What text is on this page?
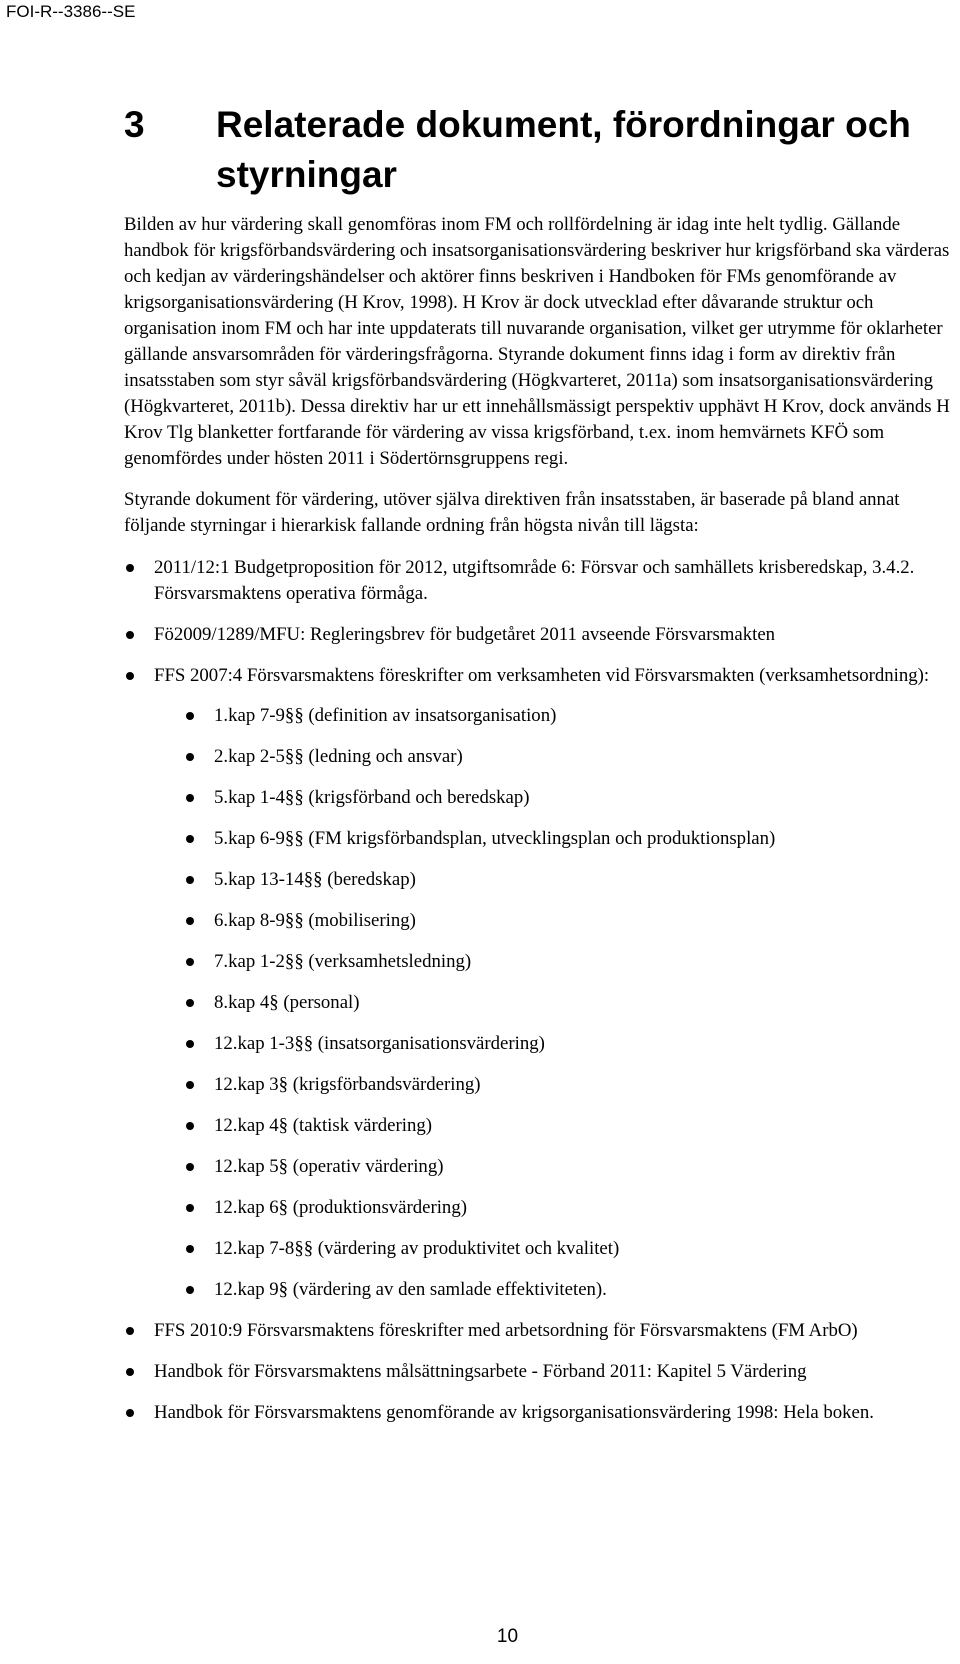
FOI-R--3386--SE
3 Relaterade dokument, förordningar och styrningar

Bilden av hur värdering skall genomföras inom FM och rollfördelning är idag inte helt tydlig. Gällande handbok för krigsförbandsvärdering och insatsorganisationsvärdering beskriver hur krigsförband ska värderas och kedjan av värderingshändelser och aktörer finns beskriven i Handboken för FMs genomförande av krigsorganisationsvärdering (H Krov, 1998). H Krov är dock utvecklad efter dåvarande struktur och organisation inom FM och har inte uppdaterats till nuvarande organisation, vilket ger utrymme för oklarheter gällande ansvarsområden för värderingsfrågorna. Styrande dokument finns idag i form av direktiv från insatsstaben som styr såväl krigsförbandsvärdering (Högkvarteret, 2011a) som insatsorganisationsvärdering (Högkvarteret, 2011b). Dessa direktiv har ur ett innehållsmässigt perspektiv upphävt H Krov, dock används H Krov Tlg blanketter fortfarande för värdering av vissa krigsförband, t.ex. inom hemvärnets KFÖ som genomfördes under hösten 2011 i Södertörnsgruppens regi.

Styrande dokument för värdering, utöver själva direktiven från insatsstaben, är baserade på bland annat följande styrningar i hierarkisk fallande ordning från högsta nivån till lägsta:

2011/12:1 Budgetproposition för 2012, utgiftsområde 6: Försvar och samhällets krisberedskap, 3.4.2. Försvarsmaktens operativa förmåga.
Fö2009/1289/MFU: Regleringsbrev för budgetåret 2011 avseende Försvarsmakten
FFS 2007:4 Försvarsmaktens föreskrifter om verksamheten vid Försvarsmakten (verksamhetsordning):
1.kap 7-9§§ (definition av insatsorganisation)
2.kap 2-5§§ (ledning och ansvar)
5.kap 1-4§§ (krigsförband och beredskap)
5.kap 6-9§§ (FM krigsförbandsplan, utvecklingsplan och produktionsplan)
5.kap 13-14§§ (beredskap)
6.kap 8-9§§ (mobilisering)
7.kap 1-2§§ (verksamhetsledning)
8.kap 4§ (personal)
12.kap 1-3§§ (insatsorganisationsvärdering)
12.kap 3§ (krigsförbandsvärdering)
12.kap 4§ (taktisk värdering)
12.kap 5§ (operativ värdering)
12.kap 6§ (produktionsvärdering)
12.kap 7-8§§ (värdering av produktivitet och kvalitet)
12.kap 9§ (värdering av den samlade effektiviteten).
FFS 2010:9 Försvarsmaktens föreskrifter med arbetsordning för Försvarsmaktens (FM ArbO)
Handbok för Försvarsmaktens målsättningsarbete - Förband 2011: Kapitel 5 Värdering
Handbok för Försvarsmaktens genomförande av krigsorganisationsvärdering 1998: Hela boken.
10
